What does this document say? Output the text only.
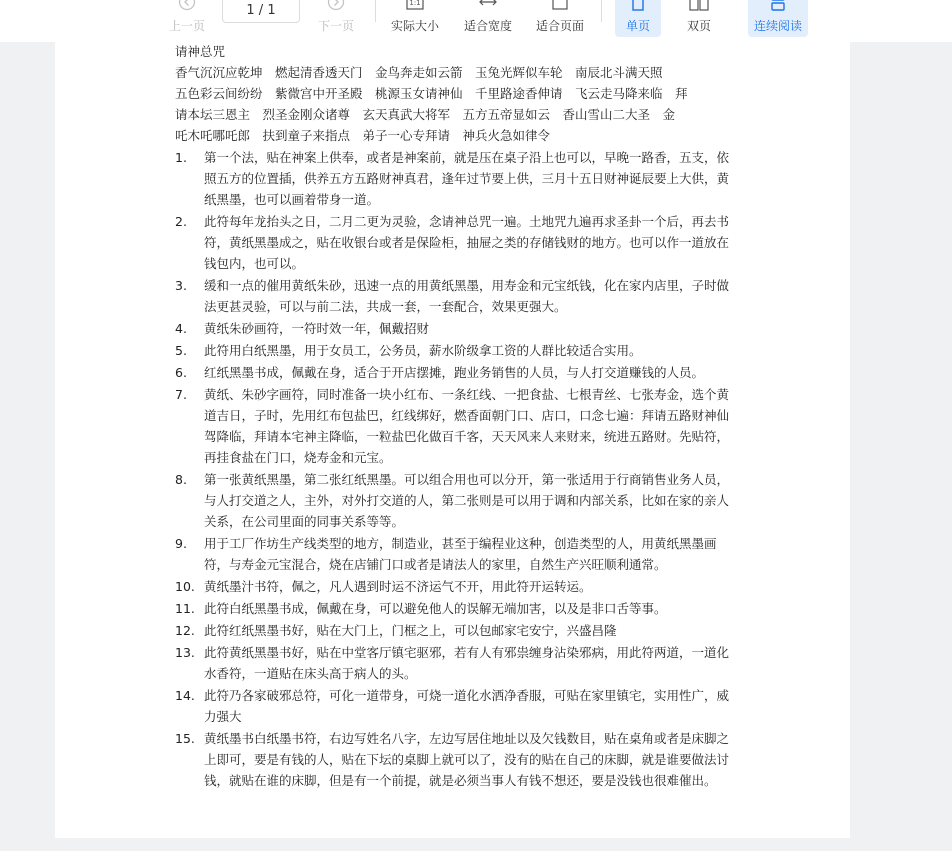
上一页
1 / 1
下一页
1:1
实际大小 适合宽度 适合页面	单页	双页	连续阅读
请神总咒
香气沉沉应乾坤　燃起清香透天门　金鸟奔走如云箭　玉兔光辉似车轮　南辰北斗满天照
五色彩云间纷纷　紫微宫中开圣殿　桃源玉女请神仙　千里路途香伸请　飞云走马降来临　拜
请本坛三恩主　烈圣金刚众诸尊　玄天真武大将军　五方五帝显如云　香山雪山二大圣　金
吒木吒哪吒郎　扶到童子来指点　弟子一心专拜请　神兵火急如律令
1. 第一个法，贴在神案上供奉，或者是神案前，就是压在桌子沿上也可以，早晚一路香，五支，依照五方的位置插，供养五方五路财神真君，逢年过节要上供，三月十五日财神诞辰要上大供，黄纸黑墨，也可以画着带身一道。
2. 此符每年龙抬头之日，二月二更为灵验，念请神总咒一遍。土地咒九遍再求圣卦一个后，再去书符，黄纸黑墨成之，贴在收银台或者是保险柜，抽屉之类的存储钱财的地方。也可以作一道放在钱包内，也可以。
3. 缓和一点的催用黄纸朱砂，迅速一点的用黄纸黑墨，用寿金和元宝纸钱，化在家内店里，子时做法更甚灵验，可以与前二法，共成一套，一套配合，效果更强大。
4. 黄纸朱砂画符，一符时效一年，佩戴招财
5. 此符用白纸黑墨，用于女员工，公务员，薪水阶级拿工资的人群比较适合实用。
6. 红纸黑墨书成，佩戴在身，适合于开店摆摊，跑业务销售的人员，与人打交道赚钱的人员。
7. 黄纸、朱砂字画符，同时准备一块小红布、一条红线、一把食盐、七根青丝、七张寿金，选个黄道吉日，子时，先用红布包盐巴，红线绑好，燃香面朝门口、店口，口念七遍：拜请五路财神仙驾降临，拜请本宅神主降临，一粒盐巴化做百千客，天天风来人来财来，统进五路财。先贴符，再挂食盐在门口，烧寿金和元宝。
8. 第一张黄纸黑墨，第二张红纸黑墨。可以组合用也可以分开，第一张适用于行商销售业务人员，与人打交道之人，主外，对外打交道的人，第二张则是可以用于调和内部关系，比如在家的亲人关系，在公司里面的同事关系等等。
9. 用于工厂作坊生产线类型的地方，制造业，甚至于编程业这种，创造类型的人，用黄纸黑墨画符，与寿金元宝混合，烧在店铺门口或者是请法人的家里，自然生产兴旺顺利通常。
10. 黄纸墨汁书符，佩之，凡人遇到时运不济运气不开，用此符开运转运。
11. 此符白纸黑墨书成，佩戴在身，可以避免他人的误解无端加害，以及是非口舌等事。
12. 此符红纸黑墨书好，贴在大门上，门框之上，可以包邮家宅安宁，兴盛昌隆
13. 此符黄纸黑墨书好，贴在中堂客厅镇宅驱邪，若有人有邪祟缠身沾染邪病，用此符两道，一道化水香符，一道贴在床头高于病人的头。
14. 此符乃各家破邪总符，可化一道带身，可烧一道化水洒净香服，可贴在家里镇宅，实用性广，威力强大
15. 黄纸墨书白纸墨书符，右边写姓名八字，左边写居住地址以及欠钱数目，贴在桌角或者是床脚之上即可，要是有钱的人，贴在下坛的桌脚上就可以了，没有的贴在自己的床脚，就是谁要做法讨钱，就贴在谁的床脚，但是有一个前提，就是必须当事人有钱不想还，要是没钱也很难催出。
